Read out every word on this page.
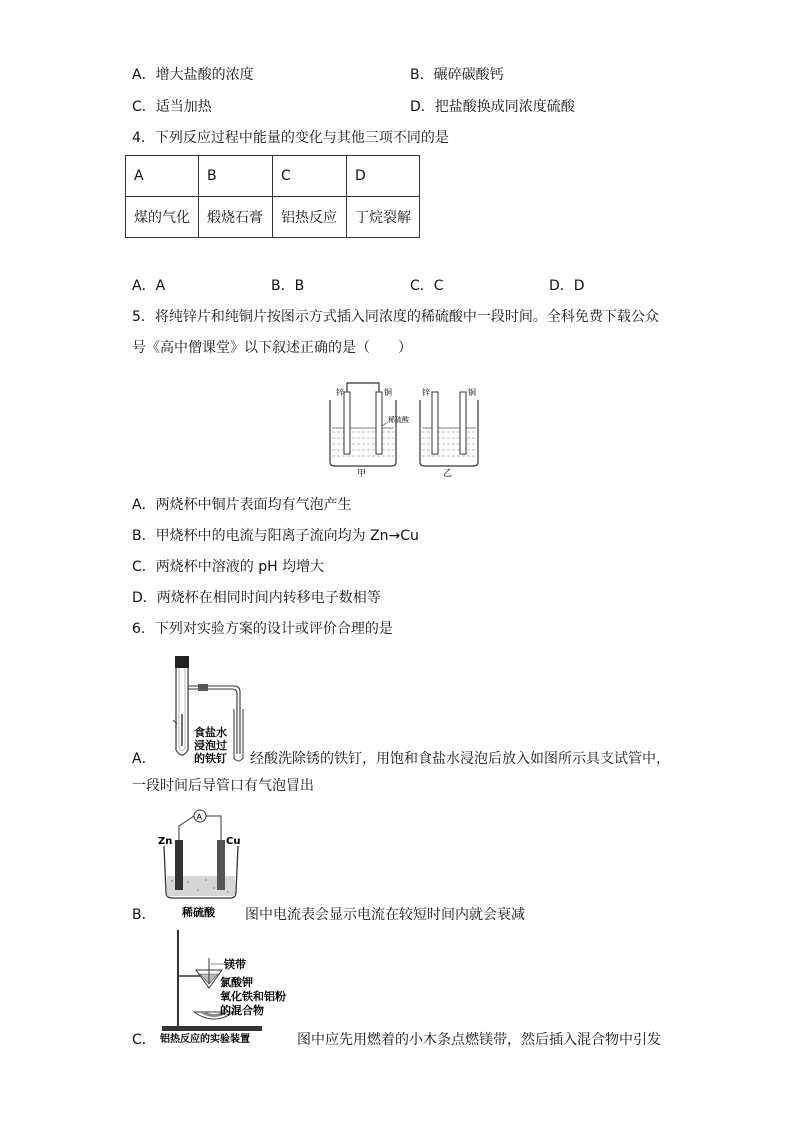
A．增大盐酸的浓度	B．碾碎碳酸钙
C．适当加热	D．把盐酸换成同浓度硫酸
4．下列反应过程中能量的变化与其他三项不同的是
A	B	C	D
煤的气化	煅烧石膏	铝热反应	丁烷裂解
A．A	B．B	C．C	D．D
5．将纯锌片和纯铜片按图示方式插入同浓度的稀硫酸中一段时间。全科免费下载公众
号《高中僧课堂》以下叙述正确的是（　　）
锌	铜	锌	铜
稀硫酸
甲	乙
A．两烧杯中铜片表面均有气泡产生
B．甲烧杯中的电流与阳离子流向均为 Zn→Cu
C．两烧杯中溶液的 pH 均增大
D．两烧杯在相同时间内转移电子数相等
6．下列对实验方案的设计或评价合理的是
食盐水
浸泡过
的铁钉
A．	经酸洗除锈的铁钉，用饱和食盐水浸泡后放入如图所示具支试管中，
一段时间后导管口有气泡冒出
A
Zn	Cu
稀硫酸
B．	图中电流表会显示电流在较短时间内就会衰减
镁带
氯酸钾
氧化铁和铝粉
的混合物
铝热反应的实验装置
C．	图中应先用燃着的小木条点燃镁带，然后插入混合物中引发
